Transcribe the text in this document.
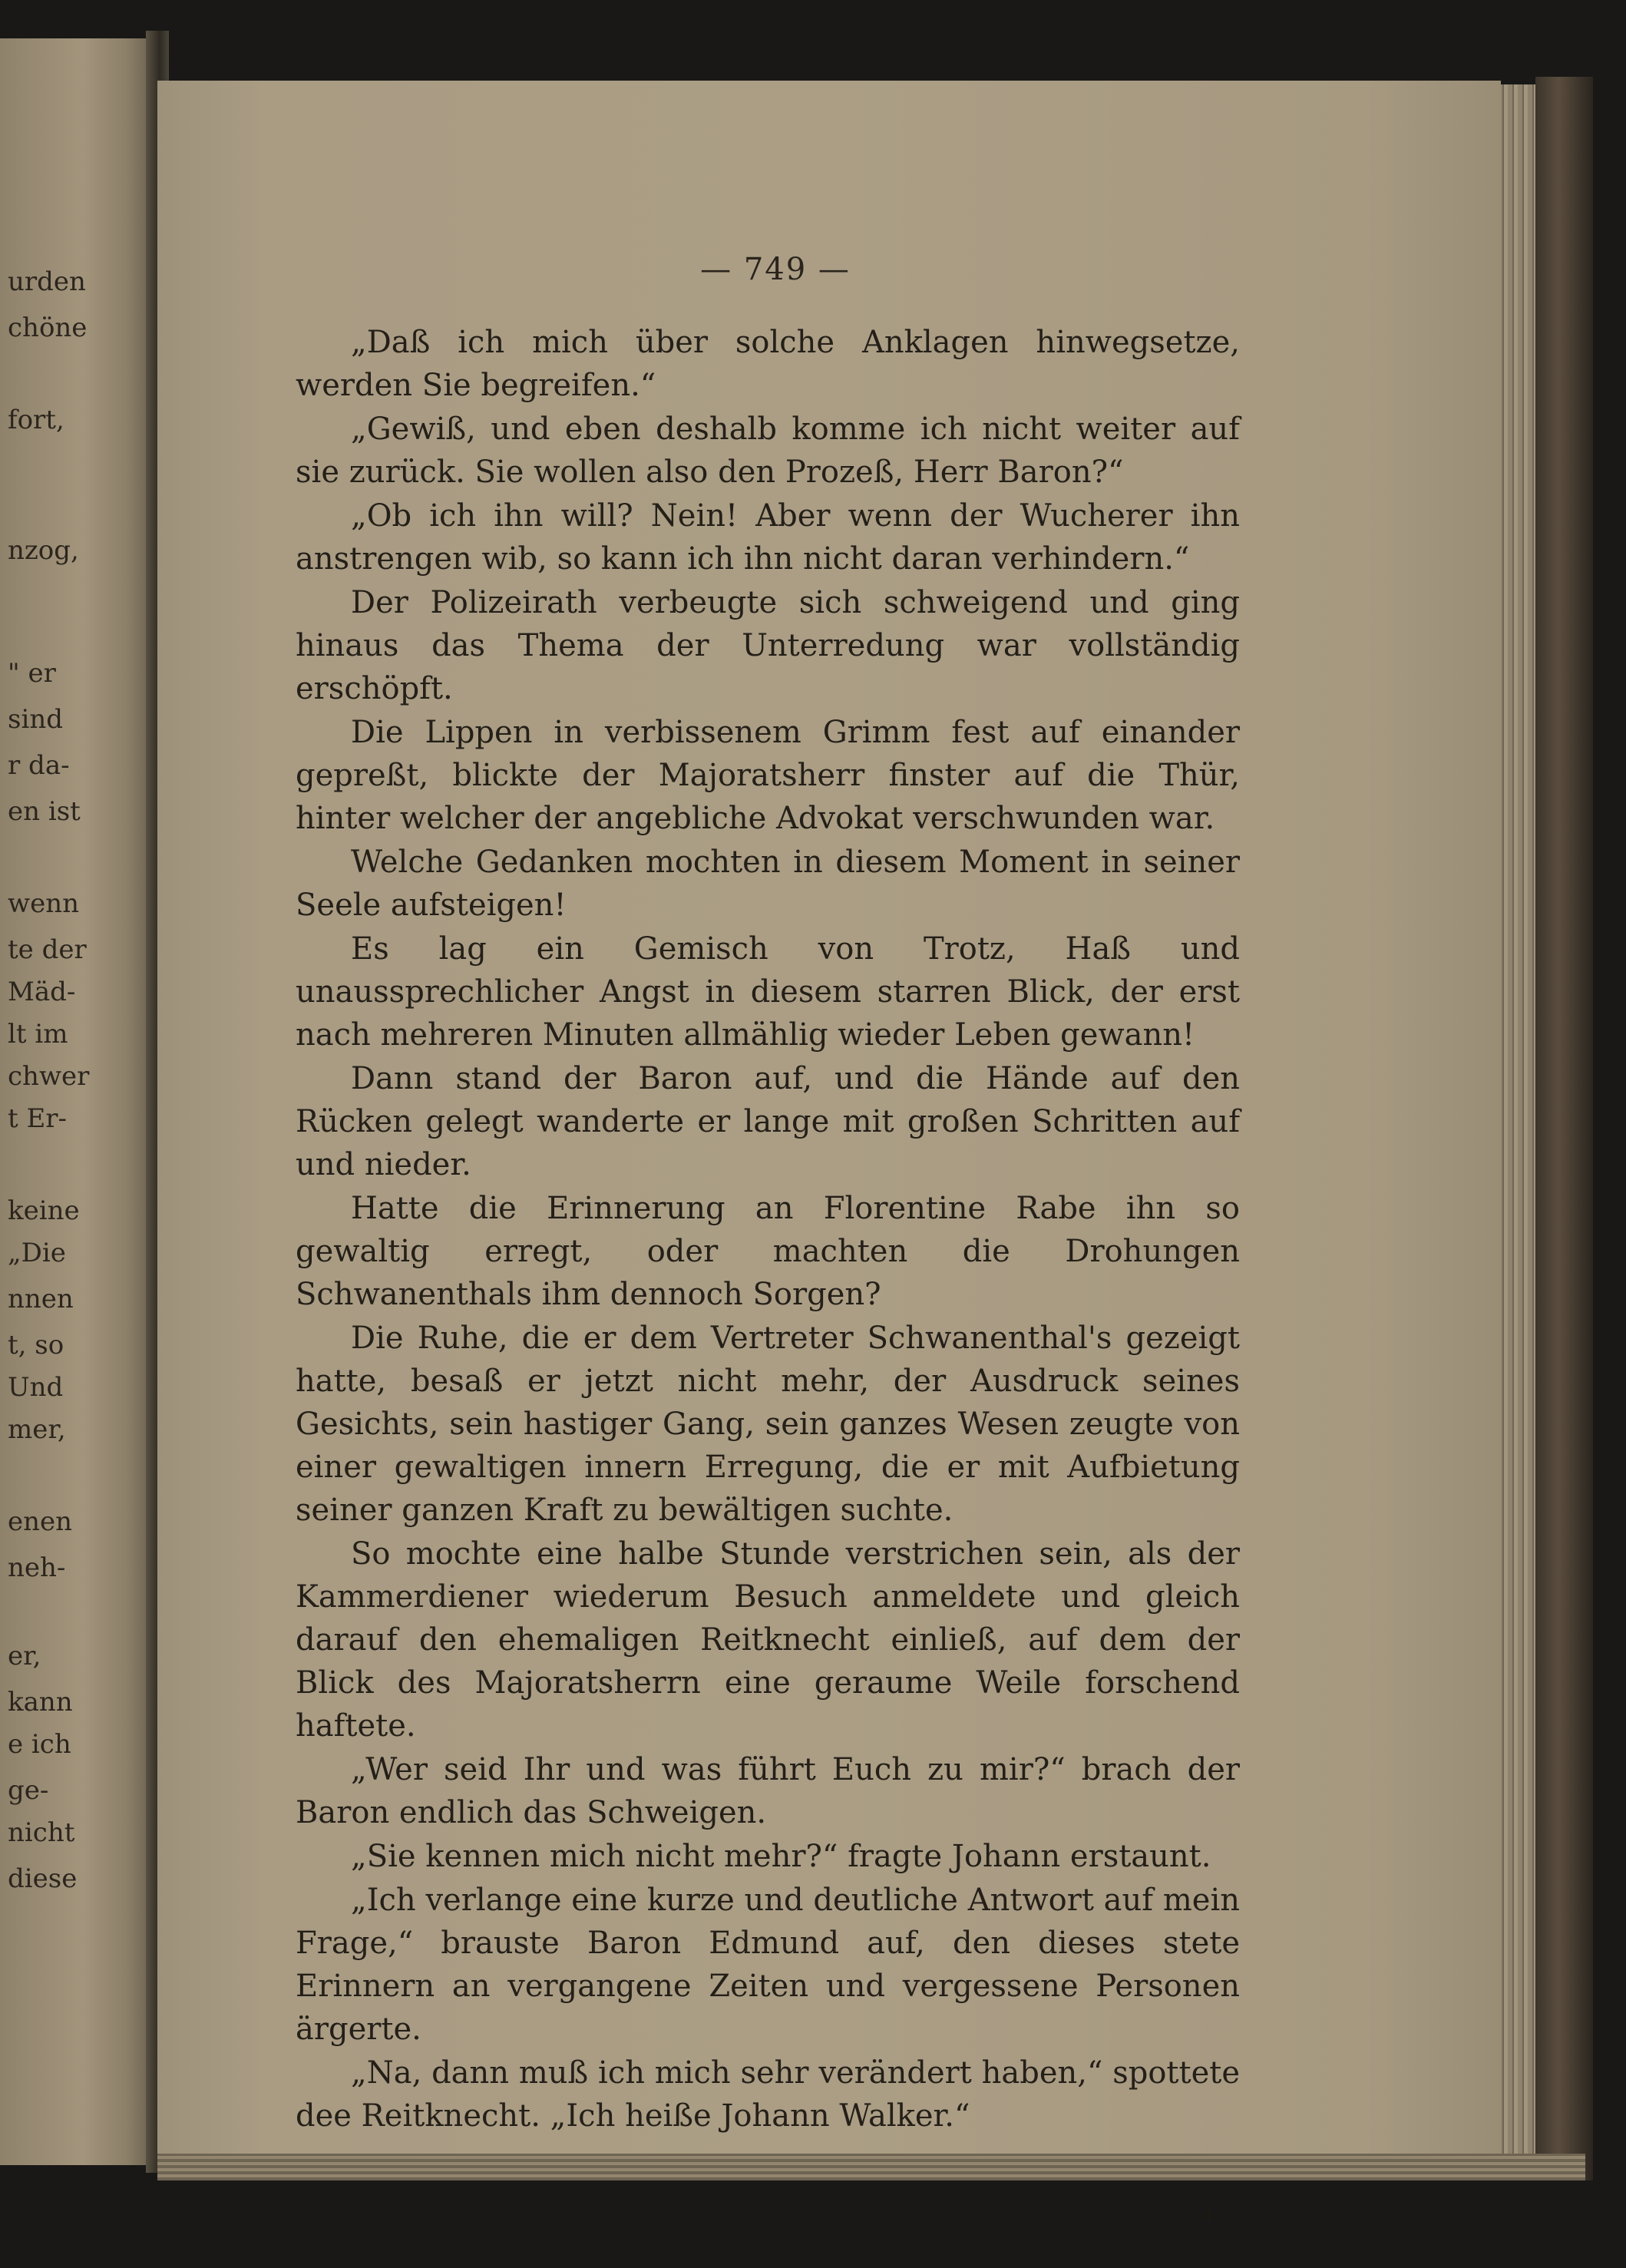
urden
chöne
fort,
nzog,
" er
sind
r da-
en ist
wenn
te der
Mäd-
lt im
chwer
t Er-
keine
„Die
nnen
t, so
Und
mer,
enen
neh-
er,
kann
e ich
ge-
nicht
diese
— 749 —

„Daß ich mich über solche Anklagen hinwegsetze, werden Sie begreifen.“

„Gewiß, und eben deshalb komme ich nicht weiter auf sie zurück. Sie wollen also den Prozeß, Herr Baron?“

„Ob ich ihn will? Nein! Aber wenn der Wucherer ihn anstrengen wib, so kann ich ihn nicht daran verhindern.“

Der Polizeirath verbeugte sich schweigend und ging hinaus das Thema der Unterredung war vollständig erschöpft.

Die Lippen in verbissenem Grimm fest auf einander gepreßt, blickte der Majoratsherr finster auf die Thür, hinter welcher der angebliche Advokat verschwunden war.

Welche Gedanken mochten in diesem Moment in seiner Seele aufsteigen!

Es lag ein Gemisch von Trotz, Haß und unaussprechlicher Angst in diesem starren Blick, der erst nach mehreren Minuten allmählig wieder Leben gewann!

Dann stand der Baron auf, und die Hände auf den Rücken gelegt wanderte er lange mit großen Schritten auf und nieder.

Hatte die Erinnerung an Florentine Rabe ihn so gewaltig erregt, oder machten die Drohungen Schwanenthals ihm dennoch Sorgen?

Die Ruhe, die er dem Vertreter Schwanenthal's gezeigt hatte, besaß er jetzt nicht mehr, der Ausdruck seines Gesichts, sein hastiger Gang, sein ganzes Wesen zeugte von einer gewaltigen innern Erregung, die er mit Aufbietung seiner ganzen Kraft zu bewältigen suchte.

So mochte eine halbe Stunde verstrichen sein, als der Kammerdiener wiederum Besuch anmeldete und gleich darauf den ehemaligen Reitknecht einließ, auf dem der Blick des Majoratsherrn eine geraume Weile forschend haftete.

„Wer seid Ihr und was führt Euch zu mir?“ brach der Baron endlich das Schweigen.

„Sie kennen mich nicht mehr?“ fragte Johann erstaunt.

„Ich verlange eine kurze und deutliche Antwort auf mein Frage,“ brauste Baron Edmund auf, den dieses stete Erinnern an vergangene Zeiten und vergessene Personen ärgerte.

„Na, dann muß ich mich sehr verändert haben,“ spottete dee Reitknecht. „Ich heiße Johann Walker.“
